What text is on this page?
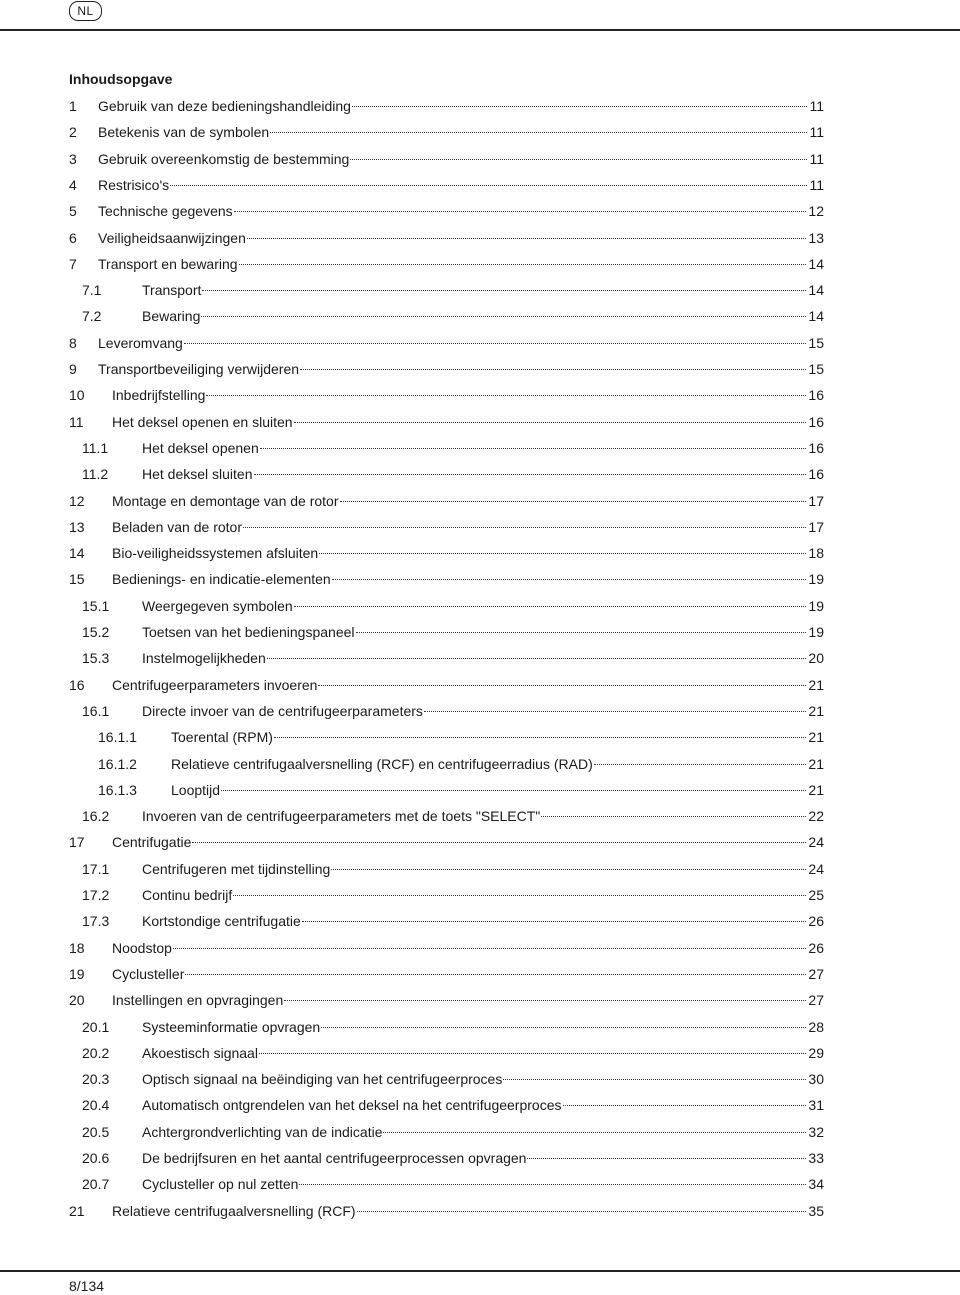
NL
Inhoudsopgave
1	Gebruik van deze bedieningshandleiding	11
2	Betekenis van de symbolen	11
3	Gebruik overeenkomstig de bestemming	11
4	Restrisico's	11
5	Technische gegevens	12
6	Veiligheidsaanwijzingen	13
7	Transport en bewaring	14
7.1	Transport	14
7.2	Bewaring	14
8	Leveromvang	15
9	Transportbeveiliging verwijderen	15
10	Inbedrijfstelling	16
11	Het deksel openen en sluiten	16
11.1	Het deksel openen	16
11.2	Het deksel sluiten	16
12	Montage en demontage van de rotor	17
13	Beladen van de rotor	17
14	Bio-veiligheidssystemen afsluiten	18
15	Bedienings- en indicatie-elementen	19
15.1	Weergegeven symbolen	19
15.2	Toetsen van het bedieningspaneel	19
15.3	Instelmogelijkheden	20
16	Centrifugeerparameters invoeren	21
16.1	Directe invoer van de centrifugeerparameters	21
16.1.1	Toerental (RPM)	21
16.1.2	Relatieve centrifugaalversnelling (RCF) en centrifugeerradius (RAD)	21
16.1.3	Looptijd	21
16.2	Invoeren van de centrifugeerparameters met de toets "SELECT"	22
17	Centrifugatie	24
17.1	Centrifugeren met tijdinstelling	24
17.2	Continu bedrijf	25
17.3	Kortstondige centrifugatie	26
18	Noodstop	26
19	Cyclusteller	27
20	Instellingen en opvragingen	27
20.1	Systeeminformatie opvragen	28
20.2	Akoestisch signaal	29
20.3	Optisch signaal na beëindiging van het centrifugeerproces	30
20.4	Automatisch ontgrendelen van het deksel na het centrifugeerproces	31
20.5	Achtergrondverlichting van de indicatie	32
20.6	De bedrijfsuren en het aantal centrifugeerprocessen opvragen	33
20.7	Cyclusteller op nul zetten	34
21	Relatieve centrifugaalversnelling (RCF)	35
8/134
